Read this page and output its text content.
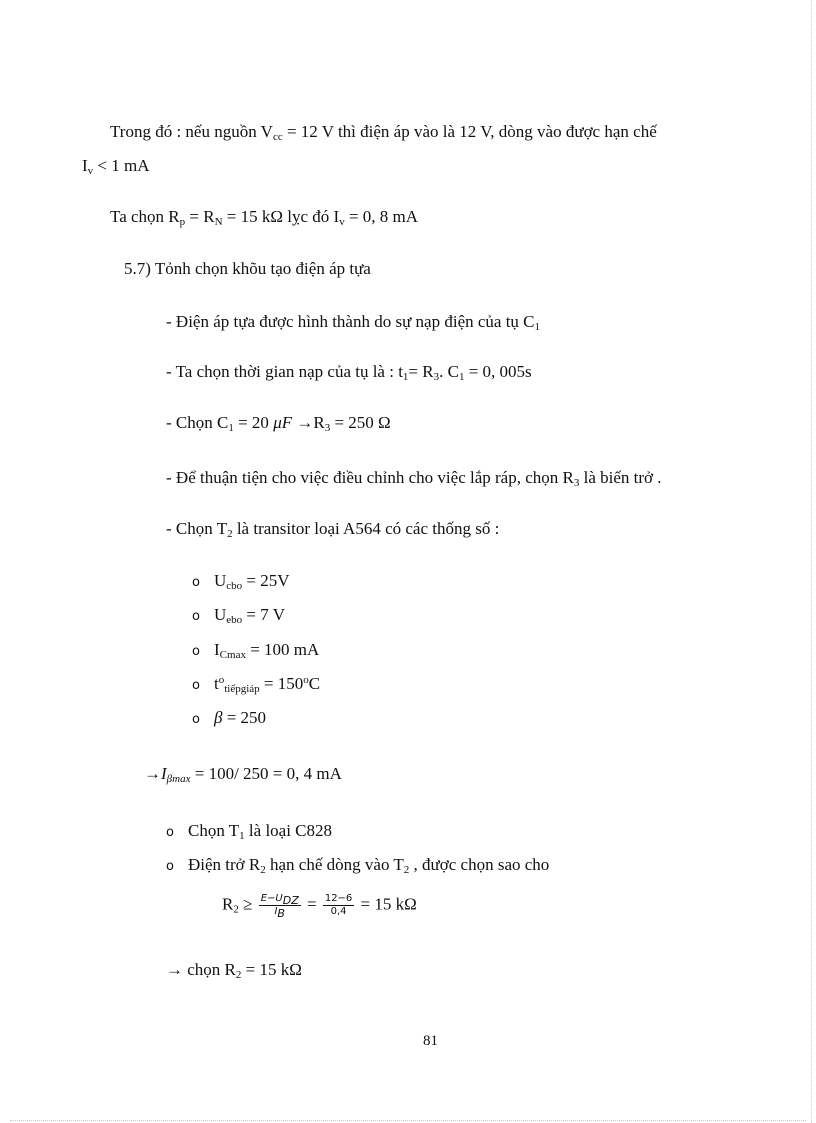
Trong đó : nếu nguồn $V_{cc} = 12$ V thì điện áp vào là 12 V, dòng vào được hạn chế
$I_v < 1$ mA
Ta chọn $R_p = R_N = 15$ kΩ lỵc đó $I_v = 0$, 8 mA
5.7) Tỏnh chọn khõu tạo điện áp tựa
- Điện áp tựa được hình thành do sự nạp điện của tụ $C_1$
- Ta chọn thời gian nạp của tụ là : $t_1= R_3$. $C_1 = 0$, 005s
- Chọn $C_1 = 20$ $\mu F \to R_3 = 250$ Ω
- Để thuận tiện cho việc điều chỉnh cho việc lắp ráp, chọn $R_3$ là biến trở .
- Chọn $T_2$ là transitor loại A564 có các thống số :
o $U_{cbo} = 25V$
o $U_{ebo} = 7$ V
o $I_{Cmax} = 100$ mA
o $t^o_{tiếpgiáp} = 150^oC$
o β = 250
$\to I_{\beta max} = 100/$ 250 = 0, 4 mA
o Chọn $T_1$ là loại C828
o Điện trở $R_2$ hạn chế dòng vào $T_2$ , được chọn sao cho
$R_2 \ge \frac{E-U_{DZ}}{I_B} = \frac{12-6}{0,4} = 15$ kΩ
→ chọn $R_2 = 15$ kΩ
81
